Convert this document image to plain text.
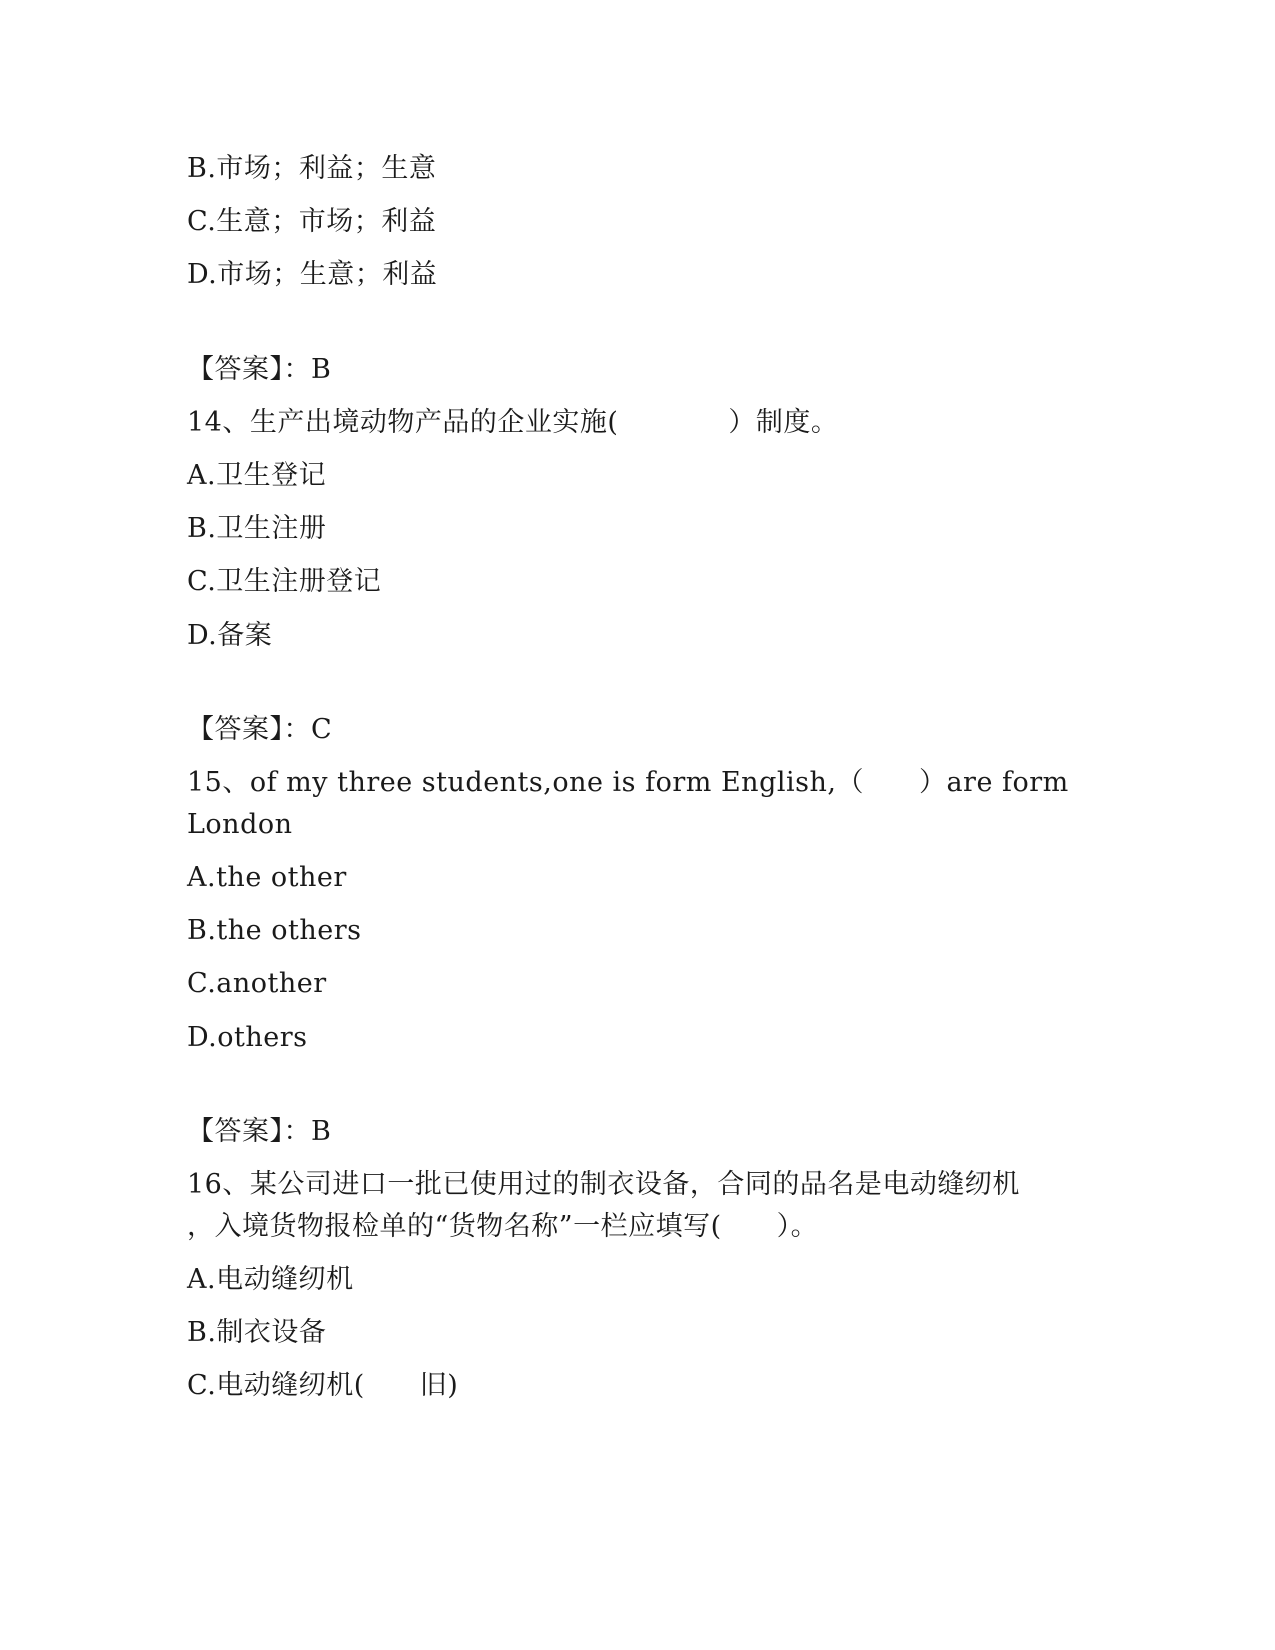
B.市场；利益；生意
C.生意；市场；利益
D.市场；生意；利益
【答案】：B
14、生产出境动物产品的企业实施(　　　　）制度。
A.卫生登记
B.卫生注册
C.卫生注册登记
D.备案
【答案】：C
15、of my three students,one is form English,（　　）are form
London
A.the other
B.the others
C.another
D.others
【答案】：B
16、某公司进口一批已使用过的制衣设备，合同的品名是电动缝纫机
，入境货物报检单的“货物名称”一栏应填写(　　）。
A.电动缝纫机
B.制衣设备
C.电动缝纫机(　　旧)
